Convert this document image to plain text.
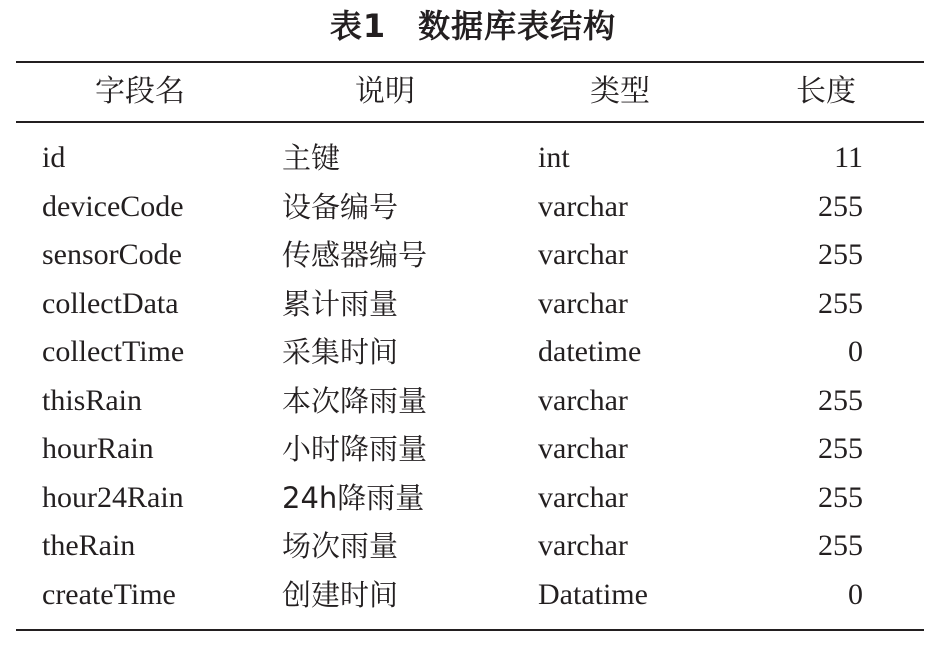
表1 数据库表结构
字段名	说明	类型	长度
id	主键	int	11
deviceCode	设备编号	varchar	255
sensorCode	传感器编号	varchar	255
collectData	累计雨量	varchar	255
collectTime	采集时间	datetime	0
thisRain	本次降雨量	varchar	255
hourRain	小时降雨量	varchar	255
hour24Rain	24h降雨量	varchar	255
theRain	场次雨量	varchar	255
createTime	创建时间	Datatime	0
